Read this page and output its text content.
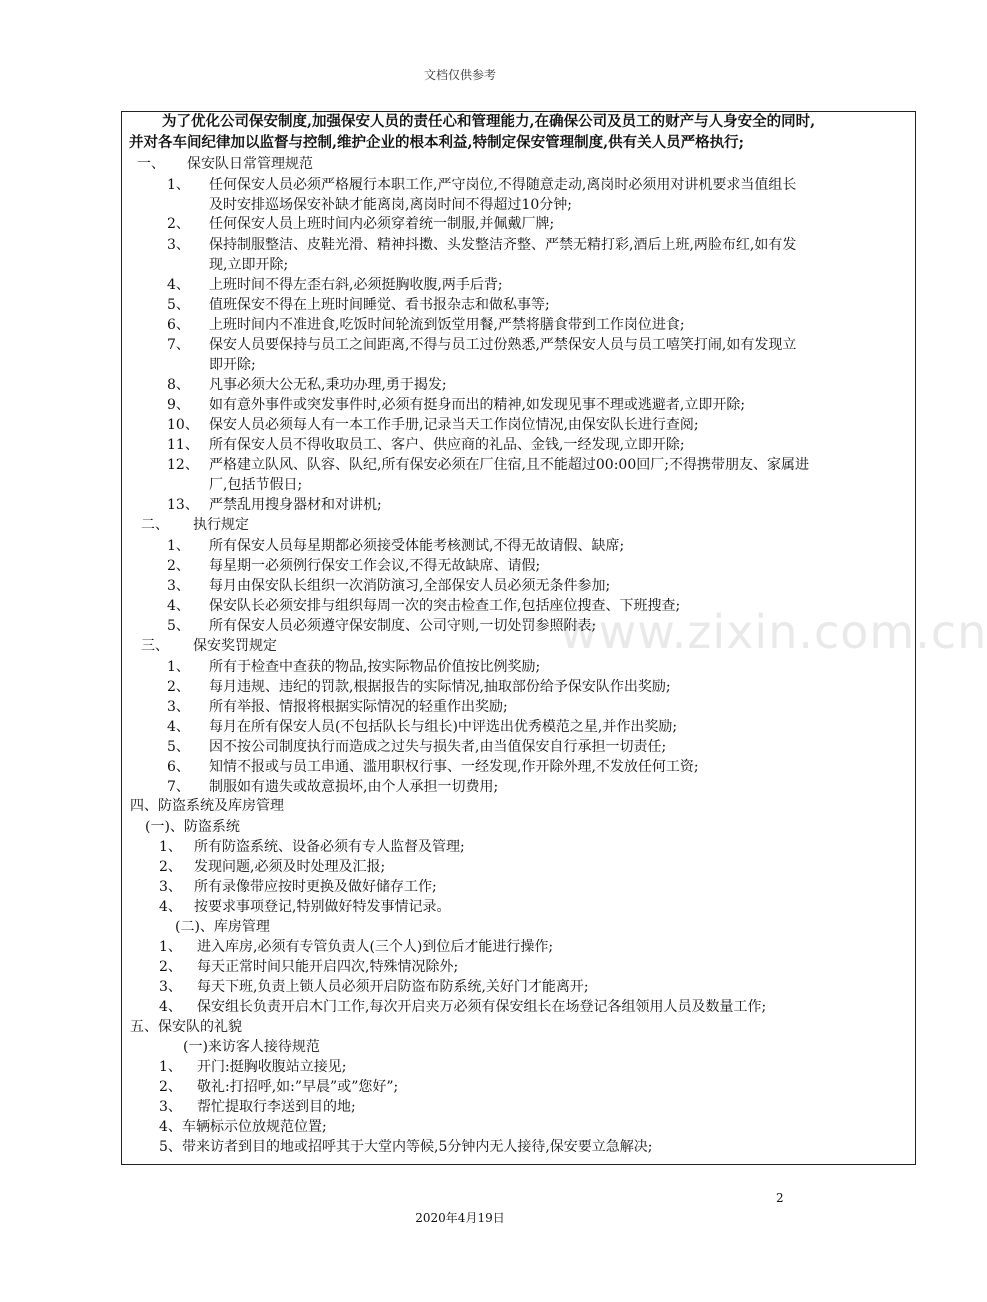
文档仅供参考
www.zixin.com.cn
为了优化公司保安制度,加强保安人员的责任心和管理能力,在确保公司及员工的财产与人身安全的同时,
并对各车间纪律加以监督与控制,维护企业的根本利益,特制定保安管理制度,供有关人员严格执行;
一、 保安队日常管理规范
1、 任何保安人员必须严格履行本职工作,严守岗位,不得随意走动,离岗时必须用对讲机要求当值组长
及时安排巡场保安补缺才能离岗,离岗时间不得超过10分钟;
2、 任何保安人员上班时间内必须穿着统一制服,并佩戴厂牌;
3、 保持制服整洁、皮鞋光滑、精神抖擞、头发整洁齐整、严禁无精打彩,酒后上班,两脸布红,如有发
现,立即开除;
4、 上班时间不得左歪右斜,必须挺胸收腹,两手后背;
5、 值班保安不得在上班时间睡觉、看书报杂志和做私事等;
6、 上班时间内不准进食,吃饭时间轮流到饭堂用餐,严禁将膳食带到工作岗位进食;
7、 保安人员要保持与员工之间距离,不得与员工过份熟悉,严禁保安人员与员工嘻笑打闹,如有发现立
即开除;
8、 凡事必须大公无私,秉功办理,勇于揭发;
9、 如有意外事件或突发事件时,必须有挺身而出的精神,如发现见事不理或逃避者,立即开除;
10、 保安人员必须每人有一本工作手册,记录当天工作岗位情况,由保安队长进行查阅;
11、 所有保安人员不得收取员工、客户、供应商的礼品、金钱,一经发现,立即开除;
12、 严格建立队风、队容、队纪,所有保安必须在厂住宿,且不能超过00:00回厂;不得携带朋友、家属进
厂,包括节假日;
13、 严禁乱用搜身器材和对讲机;
二、 执行规定
1、 所有保安人员每星期都必须接受体能考核测试,不得无故请假、缺席;
2、 每星期一必须例行保安工作会议,不得无故缺席、请假;
3、 每月由保安队长组织一次消防演习,全部保安人员必须无条件参加;
4、 保安队长必须安排与组织每周一次的突击检查工作,包括座位搜查、下班搜查;
5、 所有保安人员必须遵守保安制度、公司守则,一切处罚参照附表;
三、 保安奖罚规定
1、 所有于检查中查获的物品,按实际物品价值按比例奖励;
2、 每月违规、违纪的罚款,根据报告的实际情况,抽取部份给予保安队作出奖励;
3、 所有举报、情报将根据实际情况的轻重作出奖励;
4、 每月在所有保安人员(不包括队长与组长)中评选出优秀模范之星,并作出奖励;
5、 因不按公司制度执行而造成之过失与损失者,由当值保安自行承担一切责任;
6、 知情不报或与员工串通、滥用职权行事、一经发现,作开除外理,不发放任何工资;
7、 制服如有遗失或故意损坏,由个人承担一切费用;
四、防盗系统及库房管理
(一)、防盗系统
1、 所有防盗系统、设备必须有专人监督及管理;
2、 发现问题,必须及时处理及汇报;
3、 所有录像带应按时更换及做好储存工作;
4、 按要求事项登记,特别做好特发事情记录。
(二)、库房管理
1、 进入库房,必须有专管负责人(三个人)到位后才能进行操作;
2、 每天正常时间只能开启四次,特殊情况除外;
3、 每天下班,负责上锁人员必须开启防盗布防系统,关好门才能离开;
4、 保安组长负责开启木门工作,每次开启夹万必须有保安组长在场登记各组领用人员及数量工作;
五、保安队的礼貌
(一)来访客人接待规范
1、 开门:挺胸收腹站立接见;
2、 敬礼:打招呼,如:”早晨”或”您好”;
3、 帮忙提取行李送到目的地;
4、 车辆标示位放规范位置;
5、 带来访者到目的地或招呼其于大堂内等候,5分钟内无人接待,保安要立急解决;
2
2020年4月19日
